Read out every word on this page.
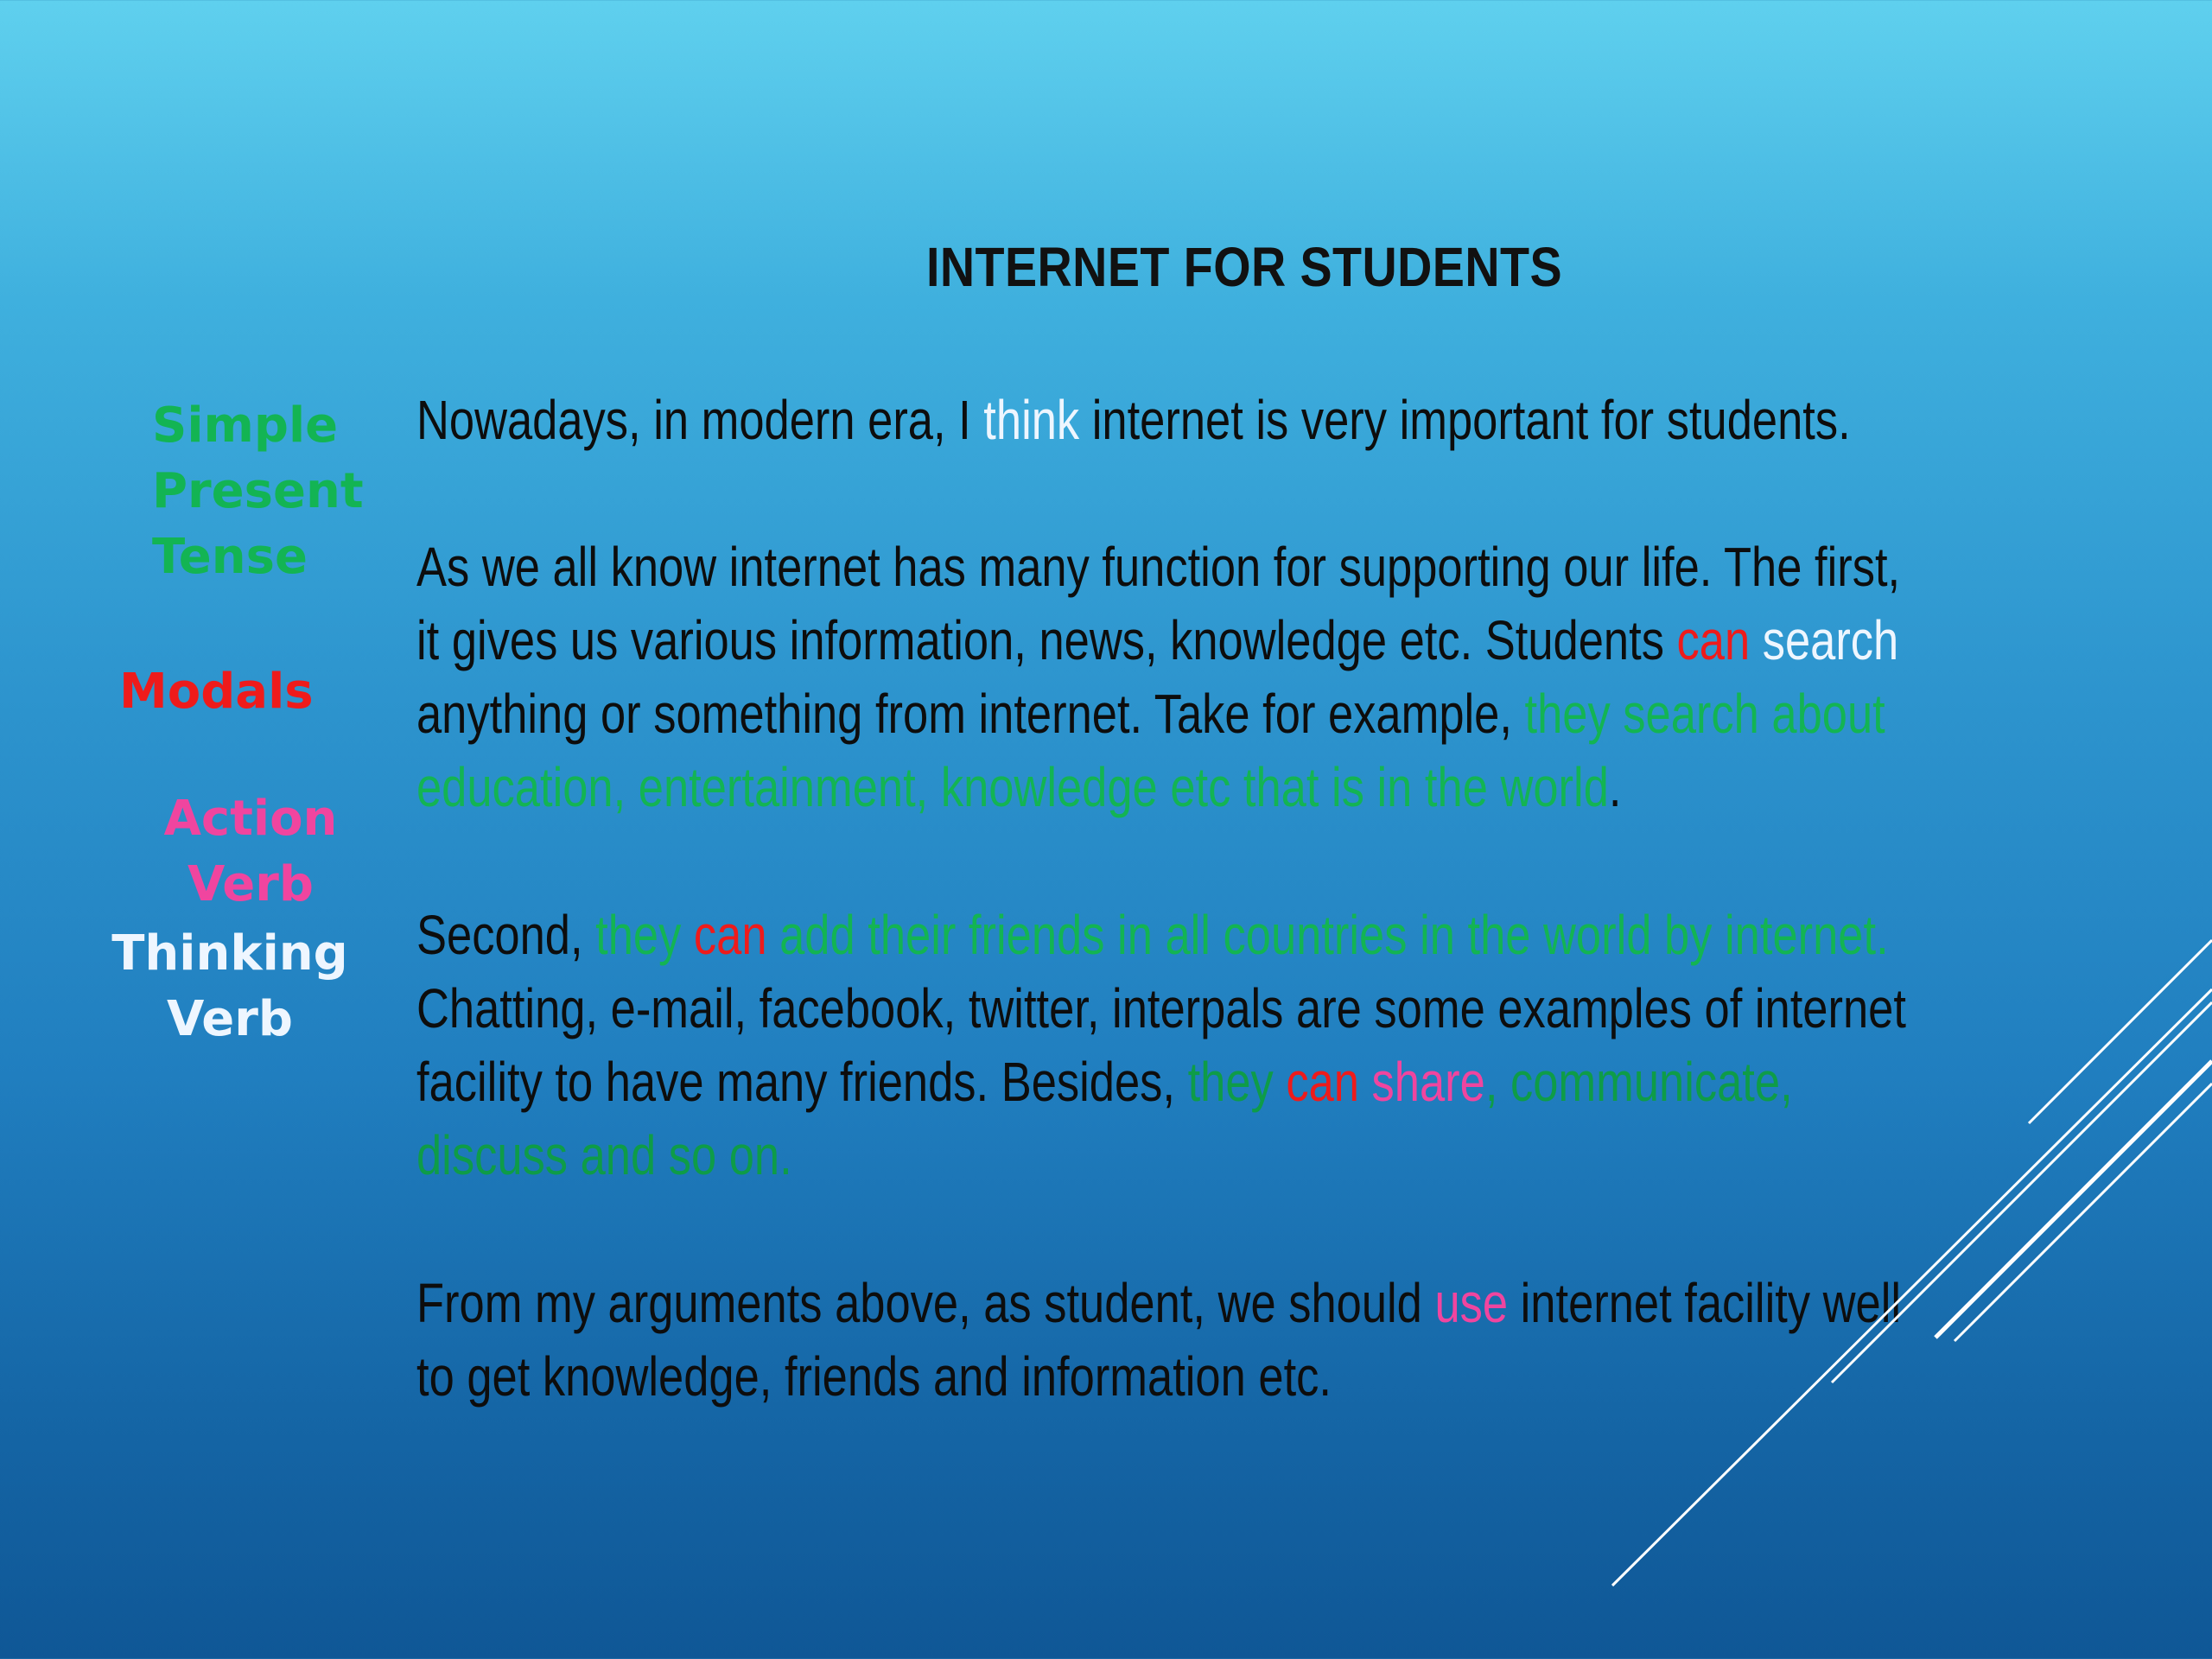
INTERNET FOR STUDENTS
Simple
Present
Tense
Modals
Action
Verb
Thinking
Verb

Nowadays, in modern era, I think internet is very important for students.

As we all know internet has many function for supporting our life. The first,
it gives us various information, news, knowledge etc. Students can search
anything or something from internet. Take for example, they search about
education, entertainment, knowledge etc that is in the world.

Second, they can add their friends in all countries in the world by internet.
Chatting, e-mail, facebook, twitter, interpals are some examples of internet
facility to have many friends. Besides, they can share, communicate,
discuss and so on.

From my arguments above, as student, we should use internet facility well
to get knowledge, friends and information etc.
